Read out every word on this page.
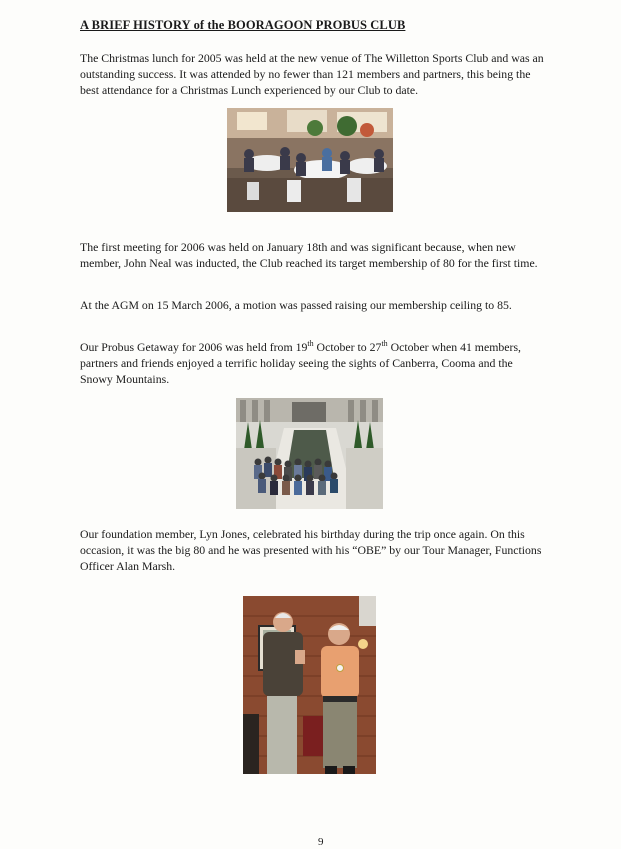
A BRIEF HISTORY of the BOORAGOON PROBUS CLUB

The Christmas lunch for 2005 was held at the new venue of The Willetton Sports Club and was an outstanding success. It was attended by no fewer than 121 members and partners, this being the best attendance for a Christmas Lunch experienced by our Club to date.

The first meeting for 2006 was held on January 18th and was significant because, when new member, John Neal was inducted, the Club reached its target membership of 80 for the first time.

At the AGM on 15 March 2006, a motion was passed raising our membership ceiling to 85.

Our Probus Getaway for 2006 was held from 19th October to 27th October when 41 members, partners and friends enjoyed a terrific holiday seeing the sights of Canberra, Cooma and the Snowy Mountains.

Our foundation member, Lyn Jones, celebrated his birthday during the trip once again. On this occasion, it was the big 80 and he was presented with his “OBE” by our Tour Manager, Functions Officer Alan Marsh.

9
